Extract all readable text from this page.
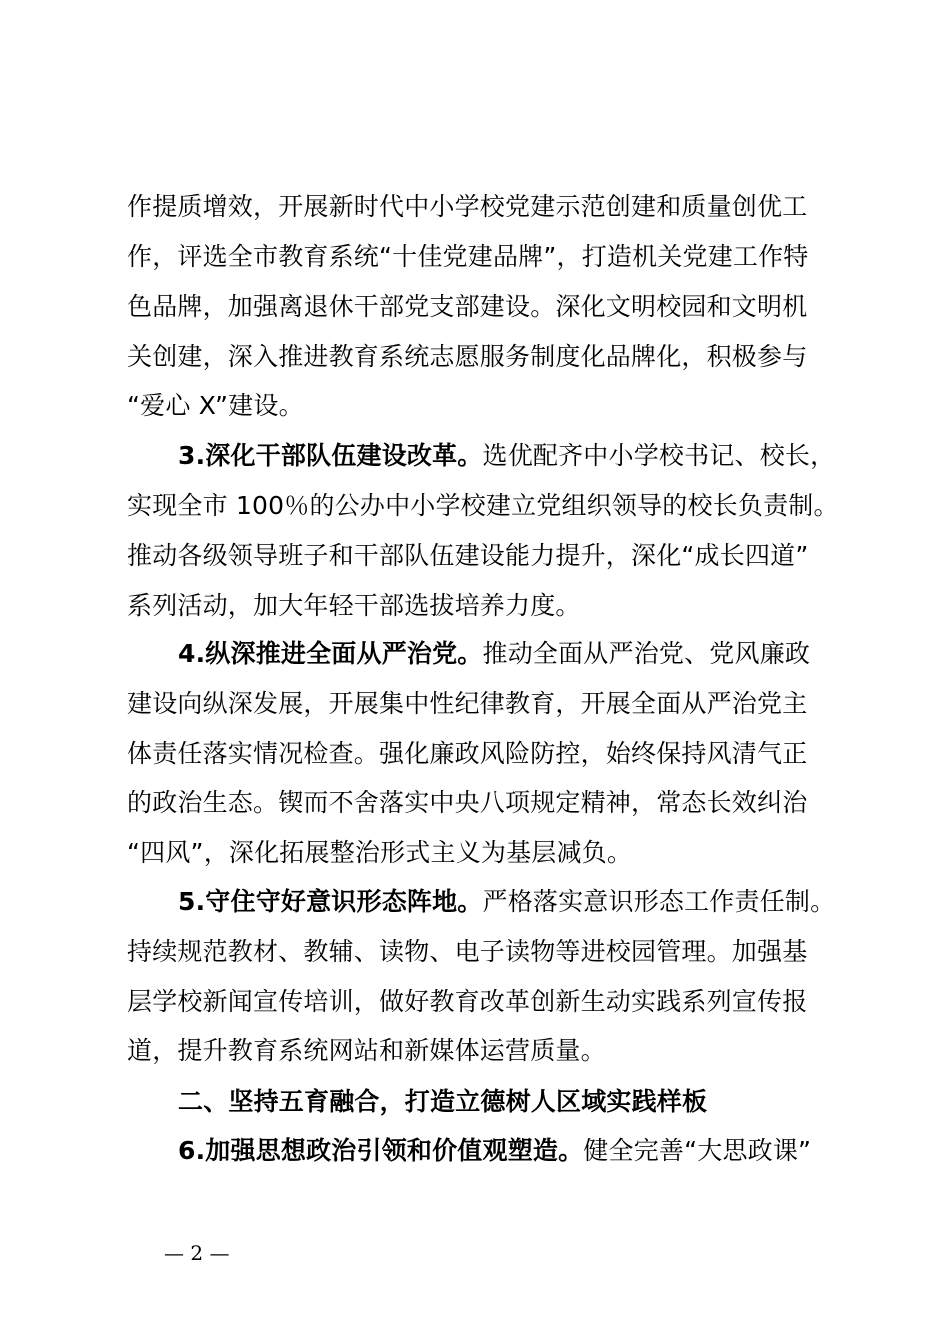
作提质增效，开展新时代中小学校党建示范创建和质量创优工
作，评选全市教育系统“十佳党建品牌”，打造机关党建工作特
色品牌，加强离退休干部党支部建设。深化文明校园和文明机
关创建，深入推进教育系统志愿服务制度化品牌化，积极参与
“爱心 X”建设。
3.深化干部队伍建设改革。选优配齐中小学校书记、校长，
实现全市 100％的公办中小学校建立党组织领导的校长负责制。
推动各级领导班子和干部队伍建设能力提升，深化“成长四道”
系列活动，加大年轻干部选拔培养力度。
4.纵深推进全面从严治党。推动全面从严治党、党风廉政
建设向纵深发展，开展集中性纪律教育，开展全面从严治党主
体责任落实情况检查。强化廉政风险防控，始终保持风清气正
的政治生态。锲而不舍落实中央八项规定精神，常态长效纠治
“四风”，深化拓展整治形式主义为基层减负。
5.守住守好意识形态阵地。严格落实意识形态工作责任制。
持续规范教材、教辅、读物、电子读物等进校园管理。加强基
层学校新闻宣传培训，做好教育改革创新生动实践系列宣传报
道，提升教育系统网站和新媒体运营质量。
二、坚持五育融合，打造立德树人区域实践样板
6.加强思想政治引领和价值观塑造。健全完善“大思政课”
— 2 —
